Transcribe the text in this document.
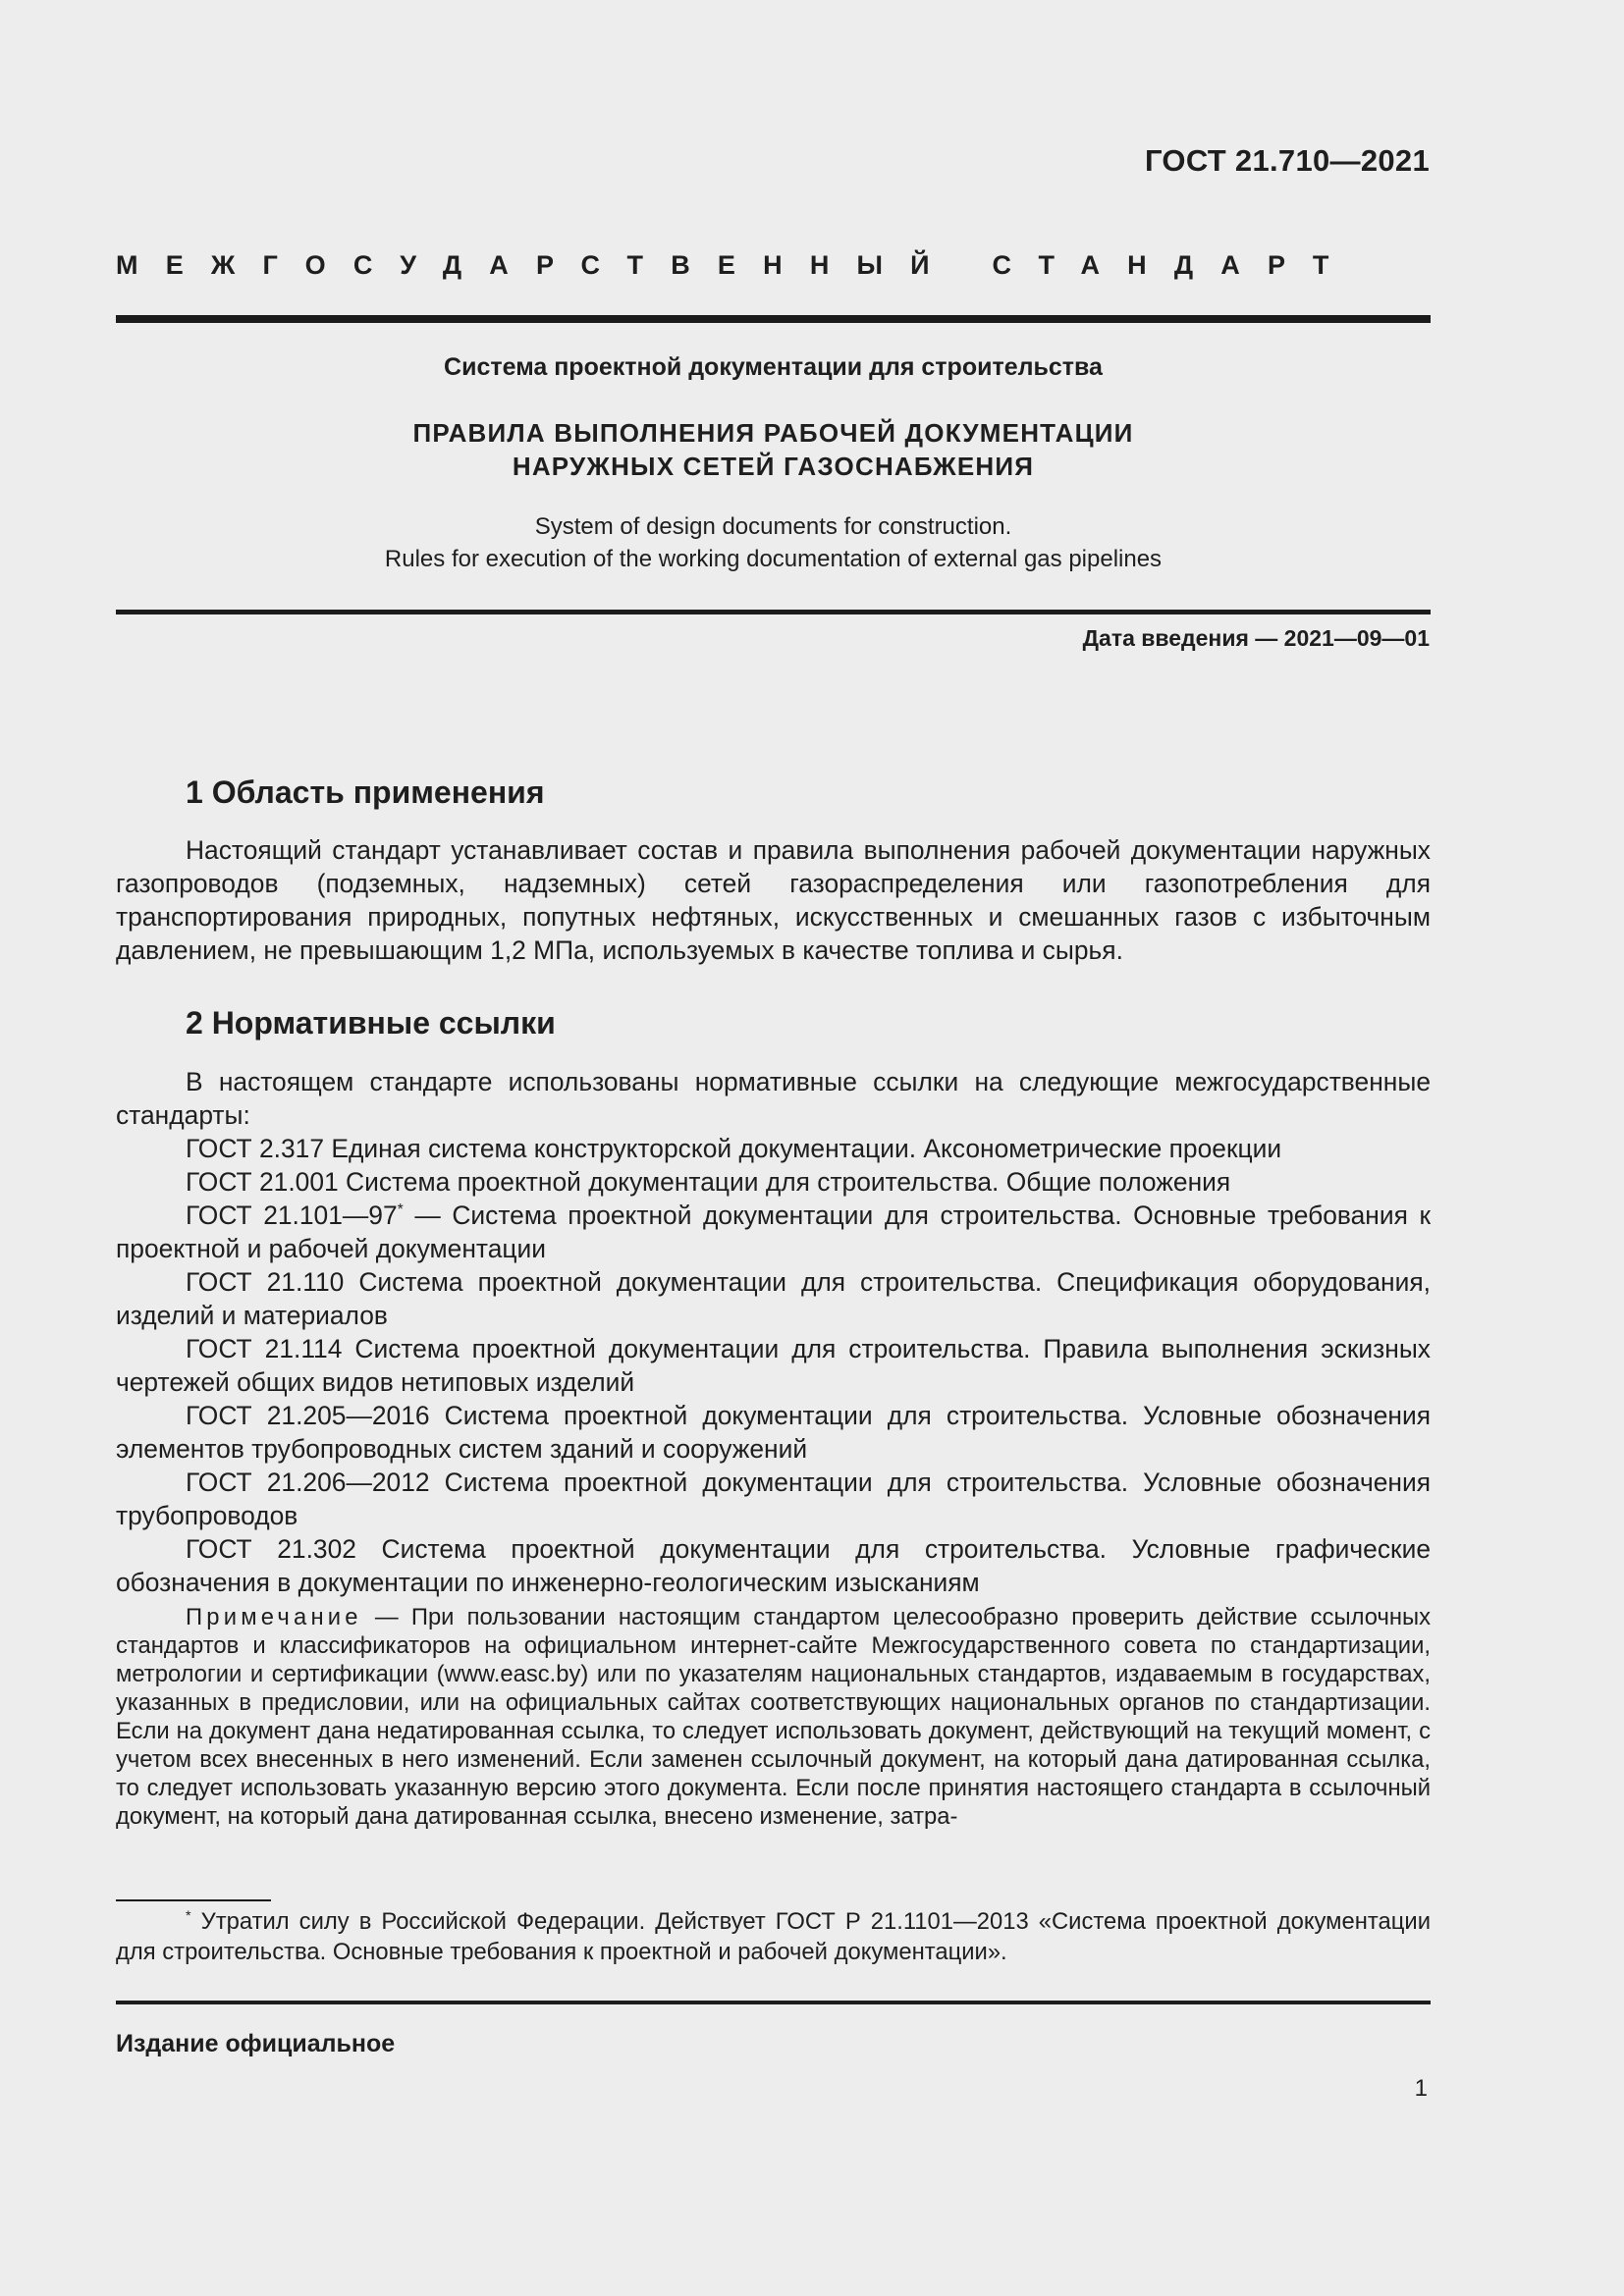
ГОСТ 21.710—2021
МЕЖГОСУДАРСТВЕННЫЙ СТАНДАРТ
Система проектной документации для строительства
ПРАВИЛА ВЫПОЛНЕНИЯ РАБОЧЕЙ ДОКУМЕНТАЦИИ
НАРУЖНЫХ СЕТЕЙ ГАЗОСНАБЖЕНИЯ
System of design documents for construction.
Rules for execution of the working documentation of external gas pipelines
Дата введения — 2021—09—01
1 Область применения

Настоящий стандарт устанавливает состав и правила выполнения рабочей документации наружных газопроводов (подземных, надземных) сетей газораспределения или газопотребления для транспортирования природных, попутных нефтяных, искусственных и смешанных газов с избыточным давлением, не превышающим 1,2 МПа, используемых в качестве топлива и сырья.

2 Нормативные ссылки

В настоящем стандарте использованы нормативные ссылки на следующие межгосударственные стандарты:

ГОСТ 2.317 Единая система конструкторской документации. Аксонометрические проекции

ГОСТ 21.001 Система проектной документации для строительства. Общие положения

ГОСТ 21.101—97* — Система проектной документации для строительства. Основные требования к проектной и рабочей документации

ГОСТ 21.110 Система проектной документации для строительства. Спецификация оборудования, изделий и материалов

ГОСТ 21.114 Система проектной документации для строительства. Правила выполнения эскизных чертежей общих видов нетиповых изделий

ГОСТ 21.205—2016 Система проектной документации для строительства. Условные обозначения элементов трубопроводных систем зданий и сооружений

ГОСТ 21.206—2012 Система проектной документации для строительства. Условные обозначения трубопроводов

ГОСТ 21.302 Система проектной документации для строительства. Условные графические обозначения в документации по инженерно-геологическим изысканиям

Примечание — При пользовании настоящим стандартом целесообразно проверить действие ссылочных стандартов и классификаторов на официальном интернет-сайте Межгосударственного совета по стандартизации, метрологии и сертификации (www.easc.by) или по указателям национальных стандартов, издаваемым в государствах, указанных в предисловии, или на официальных сайтах соответствующих национальных органов по стандартизации. Если на документ дана недатированная ссылка, то следует использовать документ, действующий на текущий момент, с учетом всех внесенных в него изменений. Если заменен ссылочный документ, на который дана датированная ссылка, то следует использовать указанную версию этого документа. Если после принятия настоящего стандарта в ссылочный документ, на который дана датированная ссылка, внесено изменение, затра-

* Утратил силу в Российской Федерации. Действует ГОСТ Р 21.1101—2013 «Система проектной документации для строительства. Основные требования к проектной и рабочей документации».

Издание официальное
1
